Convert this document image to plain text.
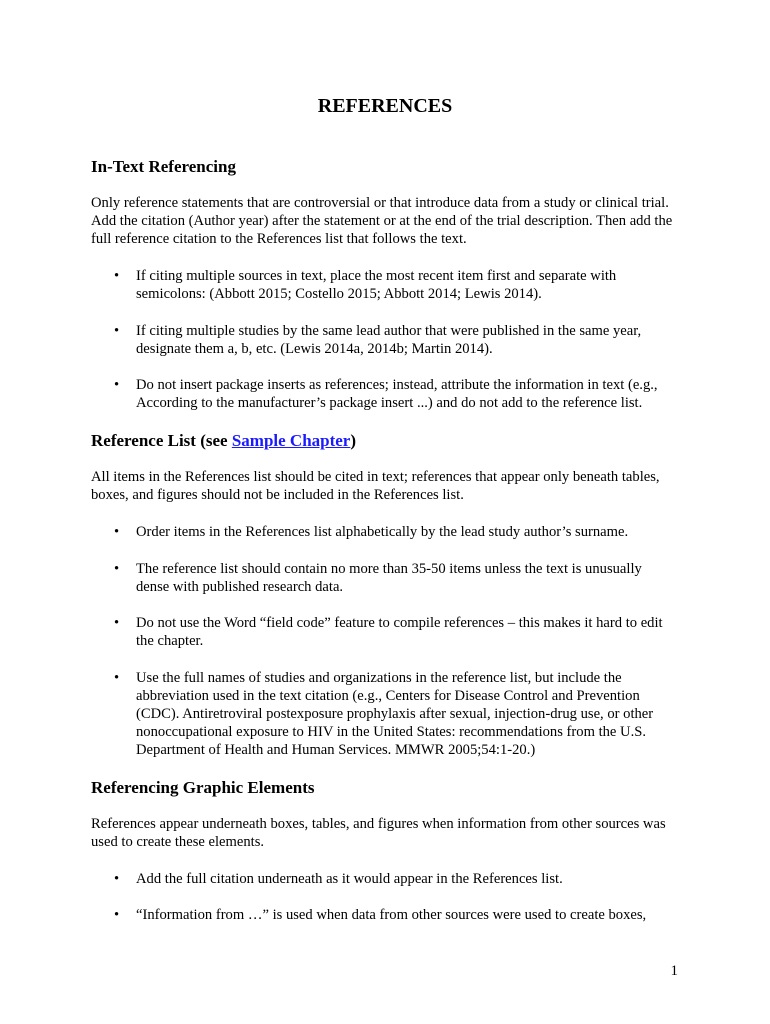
REFERENCES
In-Text Referencing

Only reference statements that are controversial or that introduce data from a study or clinical trial. Add the citation (Author year) after the statement or at the end of the trial description. Then add the full reference citation to the References list that follows the text.

•	If citing multiple sources in text, place the most recent item first and separate with semicolons: (Abbott 2015; Costello 2015; Abbott 2014; Lewis 2014).
•	If citing multiple studies by the same lead author that were published in the same year, designate them a, b, etc. (Lewis 2014a, 2014b; Martin 2014).
•	Do not insert package inserts as references; instead, attribute the information in text (e.g., According to the manufacturer’s package insert ...) and do not add to the reference list.
Reference List (see Sample Chapter)

All items in the References list should be cited in text; references that appear only beneath tables, boxes, and figures should not be included in the References list.

•	Order items in the References list alphabetically by the lead study author’s surname.
•	The reference list should contain no more than 35-50 items unless the text is unusually dense with published research data.
•	Do not use the Word “field code” feature to compile references – this makes it hard to edit the chapter.
•	Use the full names of studies and organizations in the reference list, but include the abbreviation used in the text citation (e.g., Centers for Disease Control and Prevention (CDC). Antiretroviral postexposure prophylaxis after sexual, injection-drug use, or other nonoccupational exposure to HIV in the United States: recommendations from the U.S. Department of Health and Human Services. MMWR 2005;54:1-20.)
Referencing Graphic Elements

References appear underneath boxes, tables, and figures when information from other sources was used to create these elements.

•	Add the full citation underneath as it would appear in the References list.
•	“Information from …” is used when data from other sources were used to create boxes,
1
